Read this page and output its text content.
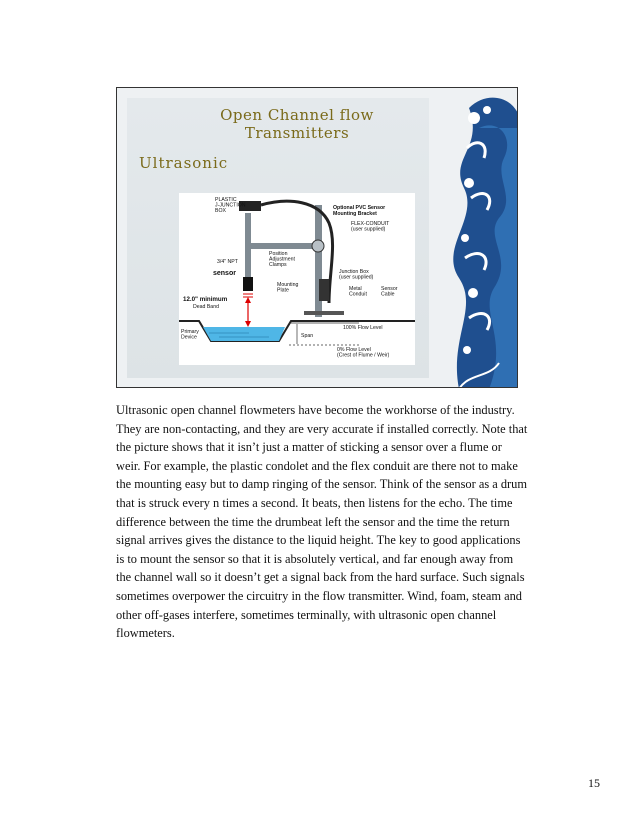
Open Channel flow
Transmitters
Ultrasonic
PLASTIC J-JUNCTION BOX	Optional PVC Sensor Mounting Bracket
FLEX-CONDUIT (user supplied)
3/4" NPT
sensor
Position Adjustment Clamps
Junction Box (user supplied)
Mounting Plate	Metal Conduit
Sensor Cable
12.0" minimum
Dead Band
Primary Device
100% Flow Level
Span
0% Flow Level (Crest of Flume / Weir)

Ultrasonic open channel flowmeters have become the workhorse of the industry. They are non-contacting, and they are very accurate if installed correctly. Note that the picture shows that it isn’t just a matter of sticking a sensor over a flume or weir. For example, the plastic condolet and the flex conduit are there not to make the mounting easy but to damp ringing of the sensor. Think of the sensor as a drum that is struck every n times a second. It beats, then listens for the echo. The time difference between the time the drumbeat left the sensor and the time the return signal arrives gives the distance to the liquid height. The key to good applications is to mount the sensor so that it is absolutely vertical, and far enough away from the channel wall so it doesn’t get a signal back from the hard surface. Such signals sometimes overpower the circuitry in the flow transmitter. Wind, foam, steam and other off-gases interfere, sometimes terminally, with ultrasonic open channel flowmeters.

15
